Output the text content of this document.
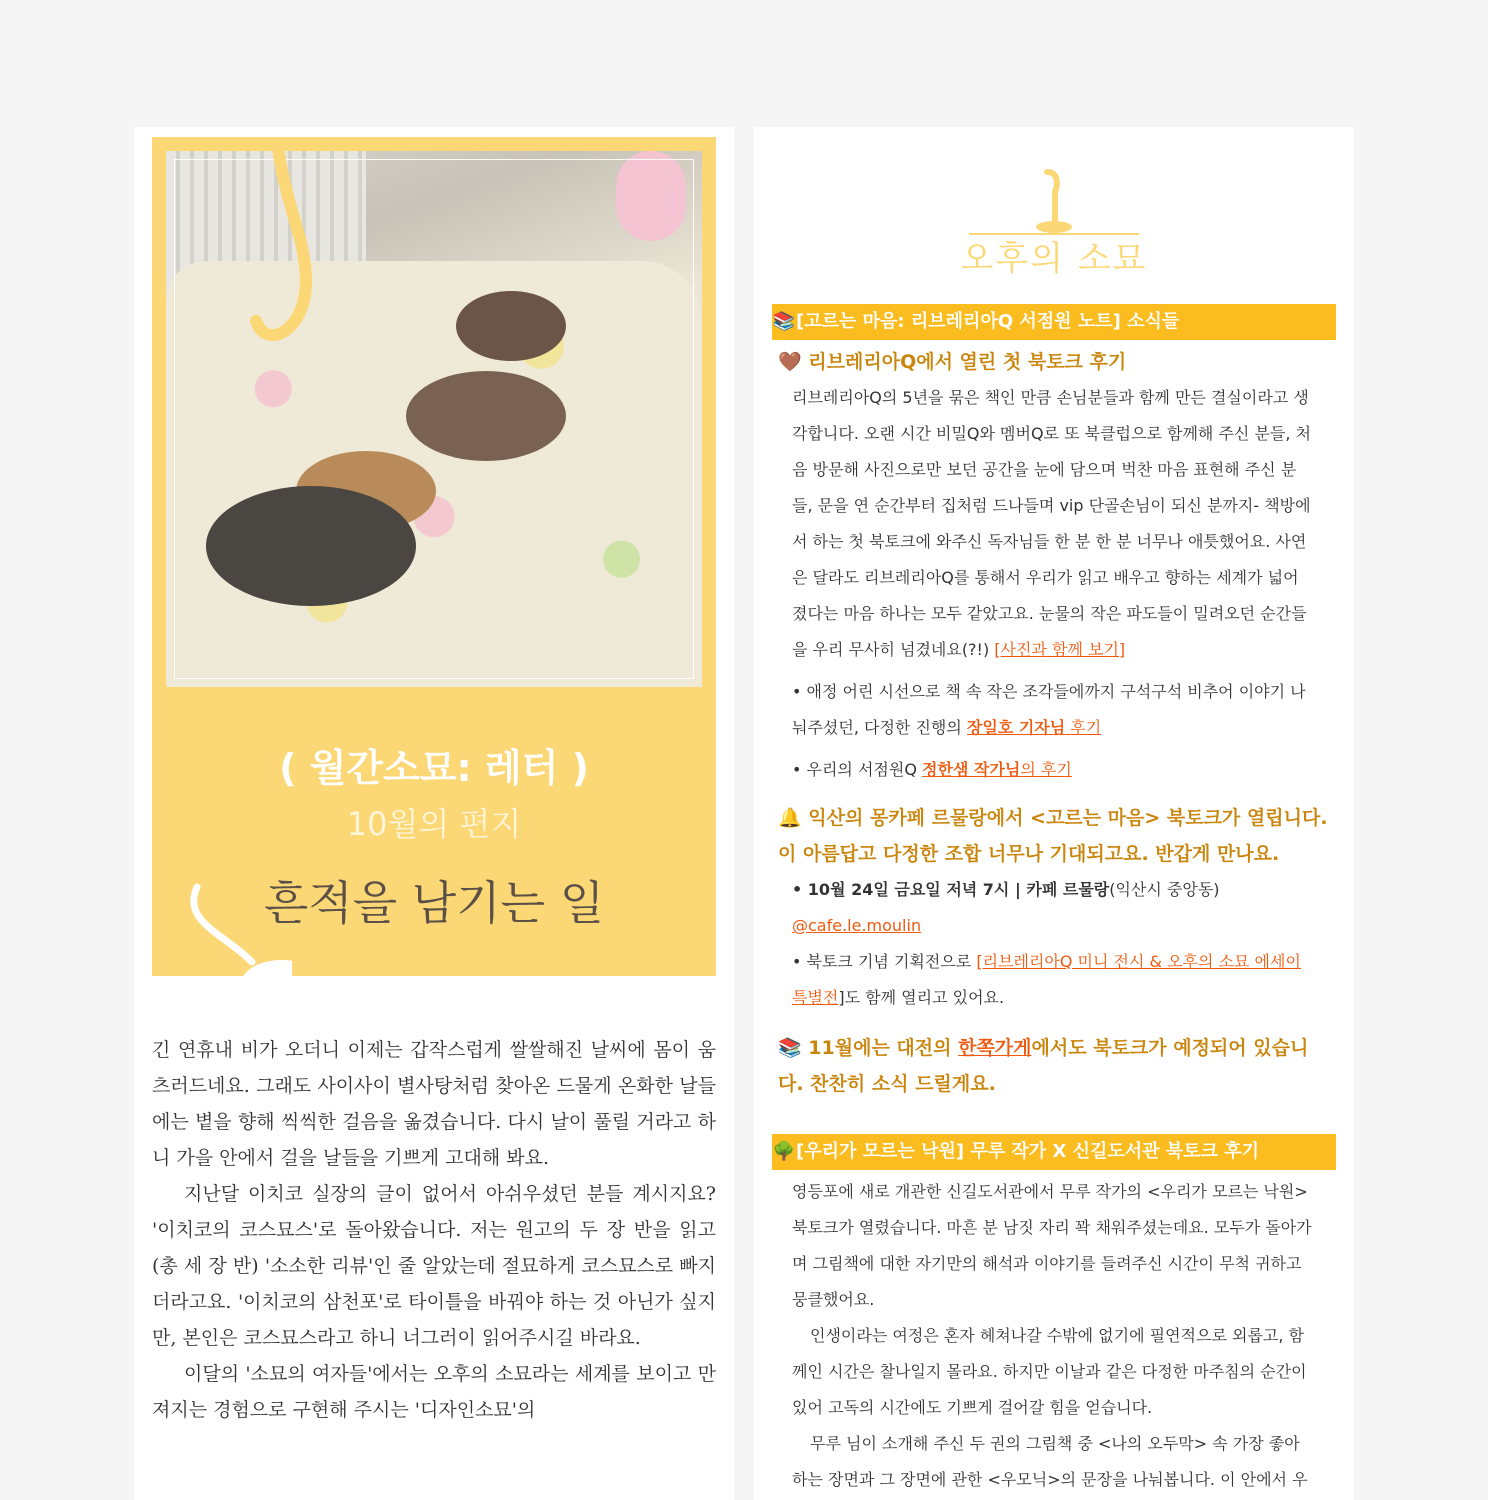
( 월간소묘: 레터 )
10월의 편지
흔적을 남기는 일

긴 연휴내 비가 오더니 이제는 갑작스럽게 쌀쌀해진 날씨에 몸이 움츠러드네요. 그래도 사이사이 별사탕처럼 찾아온 드물게 온화한 날들에는 볕을 향해 씩씩한 걸음을 옮겼습니다. 다시 날이 풀릴 거라고 하니 가을 안에서 걸을 날들을 기쁘게 고대해 봐요.

지난달 이치코 실장의 글이 없어서 아쉬우셨던 분들 계시지요? '이치코의 코스묘스'로 돌아왔습니다. 저는 원고의 두 장 반을 읽고(총 세 장 반) '소소한 리뷰'인 줄 알았는데 절묘하게 코스묘스로 빠지더라고요. '이치코의 삼천포'로 타이틀을 바꿔야 하는 것 아닌가 싶지만, 본인은 코스묘스라고 하니 너그러이 읽어주시길 바라요.

이달의 '소묘의 여자들'에서는 오후의 소묘라는 세계를 보이고 만져지는 경험으로 구현해 주시는 '디자인소묘'의

오후의 소묘
📚[고르는 마음: 리브레리아Q 서점원 노트] 소식들
🤎 리브레리아Q에서 열린 첫 북토크 후기
리브레리아Q의 5년을 묶은 책인 만큼 손님분들과 함께 만든 결실이라고 생각합니다. 오랜 시간 비밀Q와 멤버Q로 또 북클럽으로 함께해 주신 분들, 처음 방문해 사진으로만 보던 공간을 눈에 담으며 벅찬 마음 표현해 주신 분들, 문을 연 순간부터 집처럼 드나들며 vip 단골손님이 되신 분까지- 책방에서 하는 첫 북토크에 와주신 독자님들 한 분 한 분 너무나 애틋했어요. 사연은 달라도 리브레리아Q를 통해서 우리가 읽고 배우고 향하는 세계가 넓어졌다는 마음 하나는 모두 같았고요. 눈물의 작은 파도들이 밀려오던 순간들을 우리 무사히 넘겼네요(?!) [사진과 함께 보기]
• 애정 어린 시선으로 책 속 작은 조각들에까지 구석구석 비추어 이야기 나눠주셨던, 다정한 진행의 장일호 기자님 후기
• 우리의 서점원Q 정한샘 작가님의 후기
🔔 익산의 몽카페 르물랑에서 <고르는 마음> 북토크가 열립니다. 이 아름답고 다정한 조합 너무나 기대되고요. 반갑게 만나요.
• 10월 24일 금요일 저녁 7시 | 카페 르물랑(익산시 중앙동)
@cafe.le.moulin
• 북토크 기념 기획전으로 [리브레리아Q 미니 전시 & 오후의 소묘 에세이 특별전]도 함께 열리고 있어요.
📚 11월에는 대전의 한쪽가게에서도 북토크가 예정되어 있습니다. 찬찬히 소식 드릴게요.
🌳[우리가 모르는 낙원] 무루 작가 X 신길도서관 북토크 후기

영등포에 새로 개관한 신길도서관에서 무루 작가의 <우리가 모르는 낙원> 북토크가 열렸습니다. 마흔 분 남짓 자리 꽉 채워주셨는데요. 모두가 돌아가며 그림책에 대한 자기만의 해석과 이야기를 들려주신 시간이 무척 귀하고 뭉클했어요.

인생이라는 여정은 혼자 헤쳐나갈 수밖에 없기에 필연적으로 외롭고, 함께인 시간은 찰나일지 몰라요. 하지만 이날과 같은 다정한 마주침의 순간이 있어 고독의 시간에도 기쁘게 걸어갈 힘을 얻습니다.

무루 님이 소개해 주신 두 권의 그림책 중 <나의 오두막> 속 가장 좋아하는 장면과 그 장면에 관한 <우모닉>의 문장을 나눠봅니다. 이 안에서 우
